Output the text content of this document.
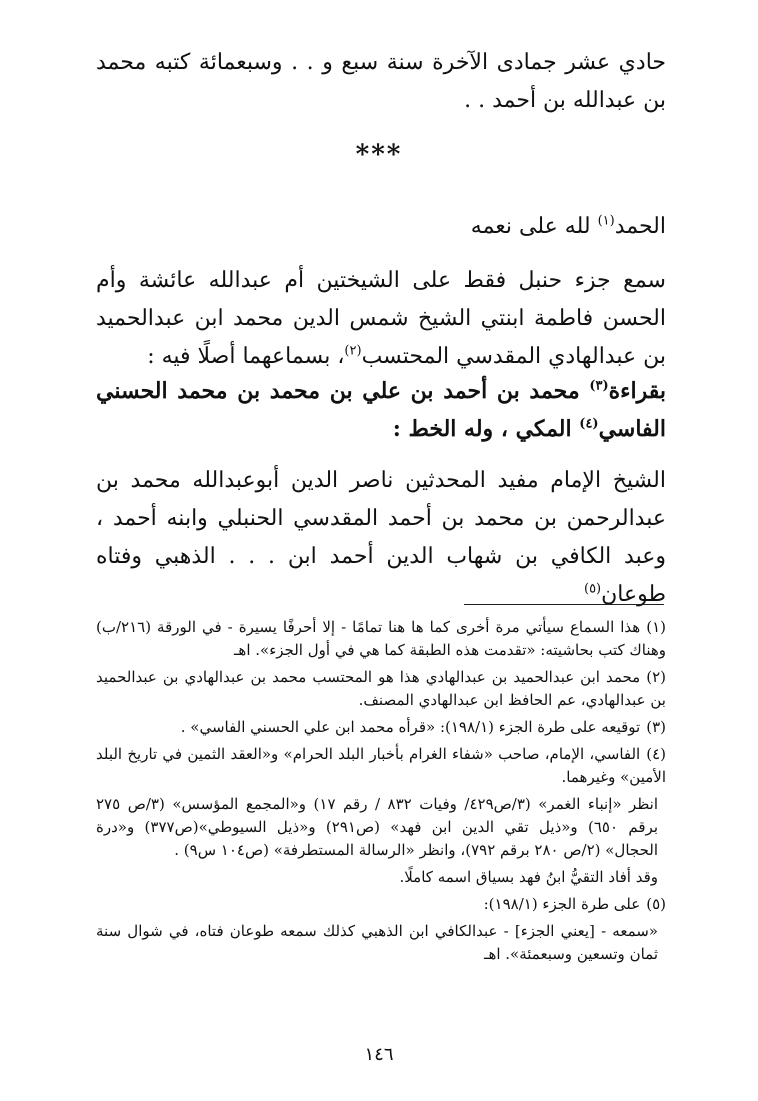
حادي عشر جمادى الآخرة سنة سبع و . . وسبعمائة كتبه محمد بن عبدالله بن أحمد . .

***

الحمد$^{(١)}$ لله على نعمه

سمع جزء حنبل فقط على الشيختين أم عبدالله عائشة وأم الحسن فاطمة ابنتي الشيخ شمس الدين محمد ابن عبدالحميد بن عبدالهادي المقدسي المحتسب$^{(٢)}$، بسماعهما أصلًا فيه :

بقراءة$^{(٣)}$ محمد بن أحمد بن علي بن محمد بن محمد الحسني الفاسي$^{(٤)}$ المكي ، وله الخط :

الشيخ الإمام مفيد المحدثين ناصر الدين أبوعبدالله محمد بن عبدالرحمن بن محمد بن أحمد المقدسي الحنبلي وابنه أحمد ، وعبد الكافي بن شهاب الدين أحمد ابن . . . الذهبي وفتاه طوعان$^{(٥)}$

(١)هذا السماع سيأتي مرة أخرى كما ها هنا تمامًا - إلا أحرفًا يسيرة - في الورقة (٢١٦/ب) وهناك كتب بحاشيته: «تقدمت هذه الطبقة كما هي في أول الجزء». اهـ

(٢)محمد ابن عبدالحميد بن عبدالهادي هذا هو المحتسب محمد بن عبدالهادي بن عبدالحميد بن عبدالهادي، عم الحافظ ابن عبدالهادي المصنف.

(٣)توقيعه على طرة الجزء (١٩٨/١): «قرأه محمد ابن علي الحسني الفاسي» .

(٤)الفاسي، الإمام، صاحب «شفاء الغرام بأخبار البلد الحرام» و«العقد الثمين في تاريخ البلد الأمين» وغيرهما.

انظر «إنباء الغمر» (٣/ص٤٢٩/ وفيات ٨٣٢ / رقم ١٧) و«المجمع المؤسس» (٣/ص ٢٧٥ برقم ٦٥٠) و«ذيل تقي الدين ابن فهد» (ص٢٩١) و«ذيل السيوطي»(ص٣٧٧) و«درة الحجال» (٢/ص ٢٨٠ برقم ٧٩٢)، وانظر «الرسالة المستطرفة» (ص١٠٤ س٩) .

وقد أفاد التقيُّ ابنُ فهد بسياق اسمه كاملًا.

(٥)على طرة الجزء (١٩٨/١):

«سمعه - [يعني الجزء] - عبدالكافي ابن الذهبي كذلك سمعه طوعان فتاه، في شوال سنة ثمان وتسعين وسبعمئة». اهـ

١٤٦
